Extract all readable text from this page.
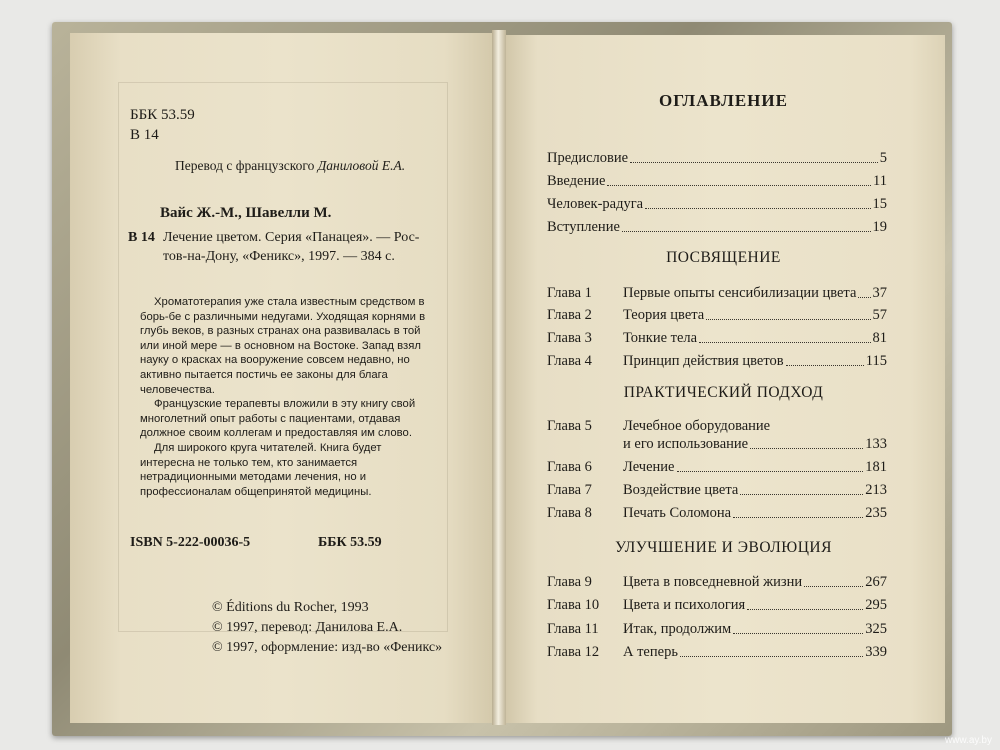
ББК 53.59
В 14
Перевод с французского Даниловой Е.А.
Вайс Ж.-М., Шавелли М.
В 14 Лечение цветом. Серия «Панацея». — Рос-
тов-на-Дону, «Феникс», 1997. — 384 с.

Хроматотерапия уже стала известным средством в борь-бе с различными недугами. Уходящая корнями в глубь веков, в разных странах она развивалась в той или иной мере — в основном на Востоке. Запад взял науку о красках на вооружение совсем недавно, но активно пытается постичь ее законы для блага человечества.

Французские терапевты вложили в эту книгу свой многолетний опыт работы с пациентами, отдавая должное своим коллегам и предоставляя им слово.

Для широкого круга читателей. Книга будет интересна не только тем, кто занимается нетрадиционными методами лечения, но и профессионалам общепринятой медицины.

ISBN 5-222-00036-5	ББК 53.59
© Éditions du Rocher, 1993
© 1997, перевод: Данилова Е.А.
© 1997, оформление: изд-во «Феникс»
ОГЛАВЛЕНИЕ
Предисловие	5
Введение	11
Человек-радуга	15
Вступление	19
ПОСВЯЩЕНИЕ
Глава 1	Первые опыты сенсибилизации цвета 37
Глава 2	Теория цвета	57
Глава 3	Тонкие тела	81
Глава 4	Принцип действия цветов	115
ПРАКТИЧЕСКИЙ ПОДХОД
Глава 5	Лечебное оборудование
и его использование	133
Глава 6	Лечение	181
Глава 7	Воздействие цвета	213
Глава 8	Печать Соломона	235
УЛУЧШЕНИЕ И ЭВОЛЮЦИЯ
Глава 9	Цвета в повседневной жизни	267
Глава 10	Цвета и психология	295
Глава 11	Итак, продолжим	325
Глава 12	А теперь	339
www.ay.by
